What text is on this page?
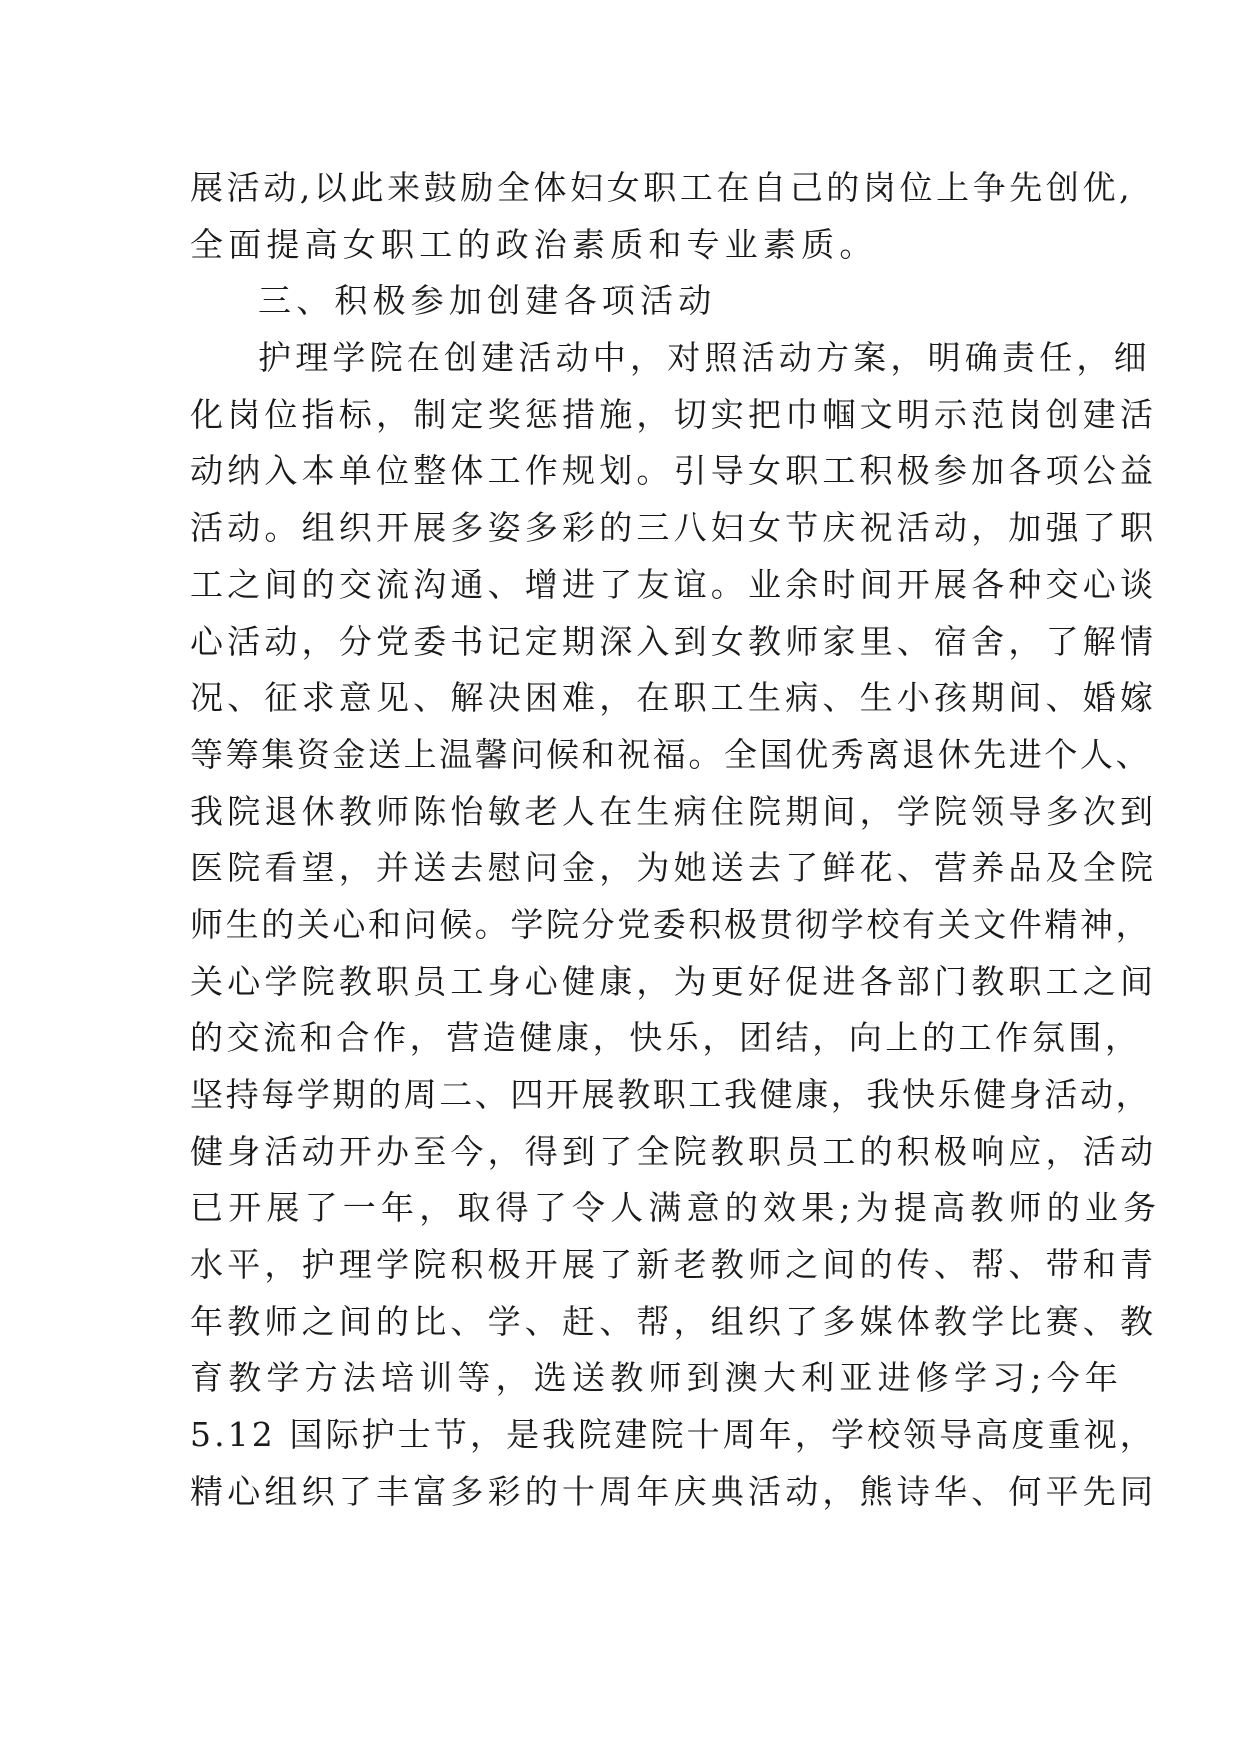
展活动,以此来鼓励全体妇女职工在自己的岗位上争先创优,
全面提高女职工的政治素质和专业素质。
三、积极参加创建各项活动
护理学院在创建活动中，对照活动方案，明确责任，细
化岗位指标，制定奖惩措施，切实把巾帼文明示范岗创建活
动纳入本单位整体工作规划。引导女职工积极参加各项公益
活动。组织开展多姿多彩的三八妇女节庆祝活动，加强了职
工之间的交流沟通、增进了友谊。业余时间开展各种交心谈
心活动，分党委书记定期深入到女教师家里、宿舍，了解情
况、征求意见、解决困难，在职工生病、生小孩期间、婚嫁
等筹集资金送上温馨问候和祝福。全国优秀离退休先进个人、
我院退休教师陈怡敏老人在生病住院期间，学院领导多次到
医院看望，并送去慰问金，为她送去了鲜花、营养品及全院
师生的关心和问候。学院分党委积极贯彻学校有关文件精神，
关心学院教职员工身心健康，为更好促进各部门教职工之间
的交流和合作，营造健康，快乐，团结，向上的工作氛围，
坚持每学期的周二、四开展教职工我健康，我快乐健身活动，
健身活动开办至今，得到了全院教职员工的积极响应，活动
已开展了一年，取得了令人满意的效果;为提高教师的业务
水平，护理学院积极开展了新老教师之间的传、帮、带和青
年教师之间的比、学、赶、帮，组织了多媒体教学比赛、教
育教学方法培训等，选送教师到澳大利亚进修学习;今年
5.12 国际护士节，是我院建院十周年，学校领导高度重视，
精心组织了丰富多彩的十周年庆典活动，熊诗华、何平先同
